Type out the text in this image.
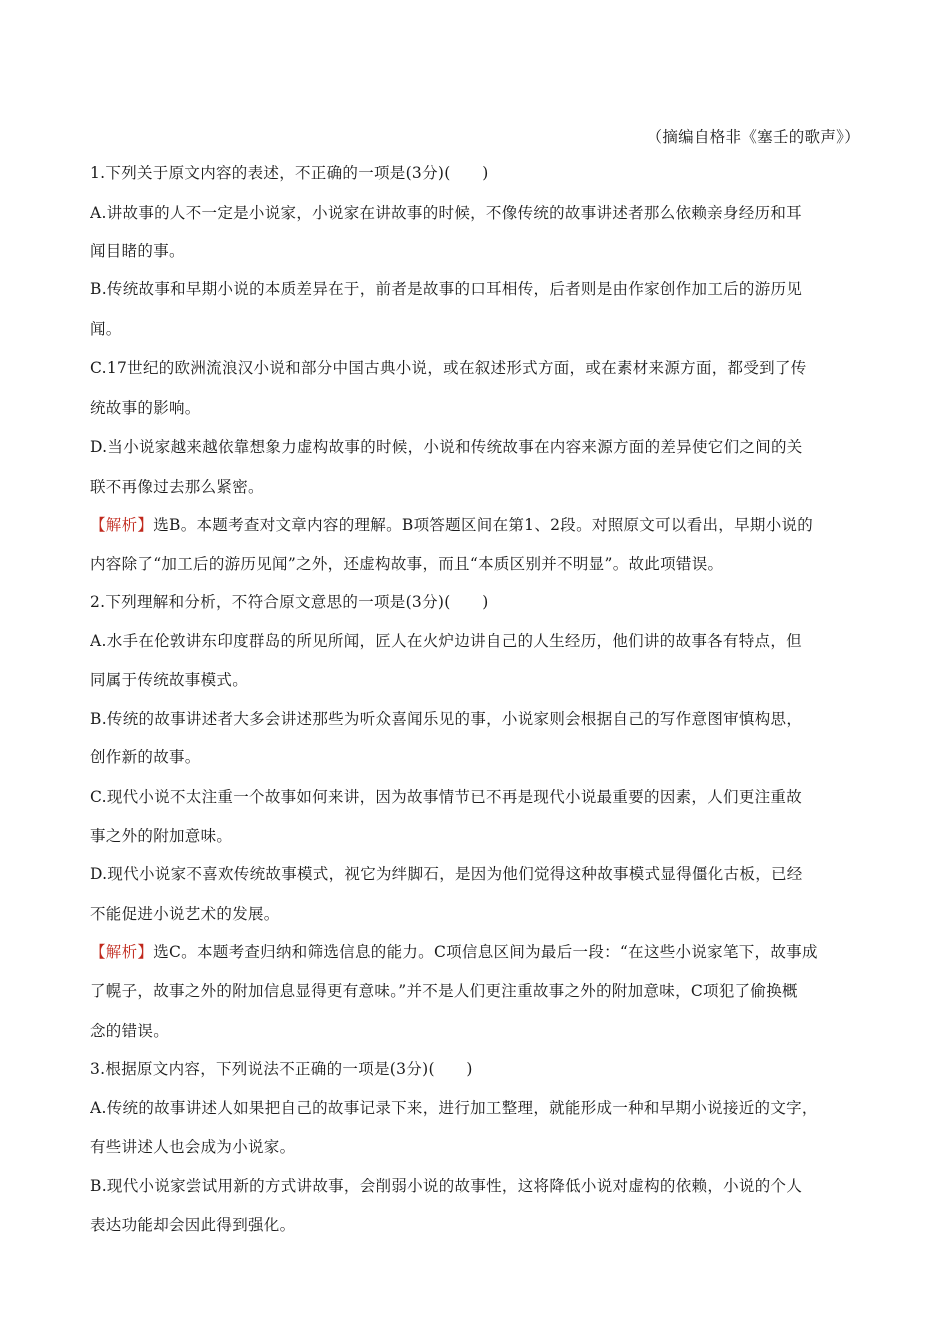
（摘编自格非《塞壬的歌声》）
1.下列关于原文内容的表述，不正确的一项是(3分)(　　)
A.讲故事的人不一定是小说家，小说家在讲故事的时候，不像传统的故事讲述者那么依赖亲身经历和耳
闻目睹的事。
B.传统故事和早期小说的本质差异在于，前者是故事的口耳相传，后者则是由作家创作加工后的游历见
闻。
C.17世纪的欧洲流浪汉小说和部分中国古典小说，或在叙述形式方面，或在素材来源方面，都受到了传
统故事的影响。
D.当小说家越来越依靠想象力虚构故事的时候，小说和传统故事在内容来源方面的差异使它们之间的关
联不再像过去那么紧密。
【解析】选B。本题考查对文章内容的理解。B项答题区间在第1、2段。对照原文可以看出，早期小说的
内容除了“加工后的游历见闻”之外，还虚构故事，而且“本质区别并不明显”。故此项错误。
2.下列理解和分析，不符合原文意思的一项是(3分)(　　)
A.水手在伦敦讲东印度群岛的所见所闻，匠人在火炉边讲自己的人生经历，他们讲的故事各有特点，但
同属于传统故事模式。
B.传统的故事讲述者大多会讲述那些为听众喜闻乐见的事，小说家则会根据自己的写作意图审慎构思，
创作新的故事。
C.现代小说不太注重一个故事如何来讲，因为故事情节已不再是现代小说最重要的因素，人们更注重故
事之外的附加意味。
D.现代小说家不喜欢传统故事模式，视它为绊脚石，是因为他们觉得这种故事模式显得僵化古板，已经
不能促进小说艺术的发展。
【解析】选C。本题考查归纳和筛选信息的能力。C项信息区间为最后一段：“在这些小说家笔下，故事成
了幌子，故事之外的附加信息显得更有意味。”并不是人们更注重故事之外的附加意味，C项犯了偷换概
念的错误。
3.根据原文内容，下列说法不正确的一项是(3分)(　　)
A.传统的故事讲述人如果把自己的故事记录下来，进行加工整理，就能形成一种和早期小说接近的文字，
有些讲述人也会成为小说家。
B.现代小说家尝试用新的方式讲故事，会削弱小说的故事性，这将降低小说对虚构的依赖，小说的个人
表达功能却会因此得到强化。
